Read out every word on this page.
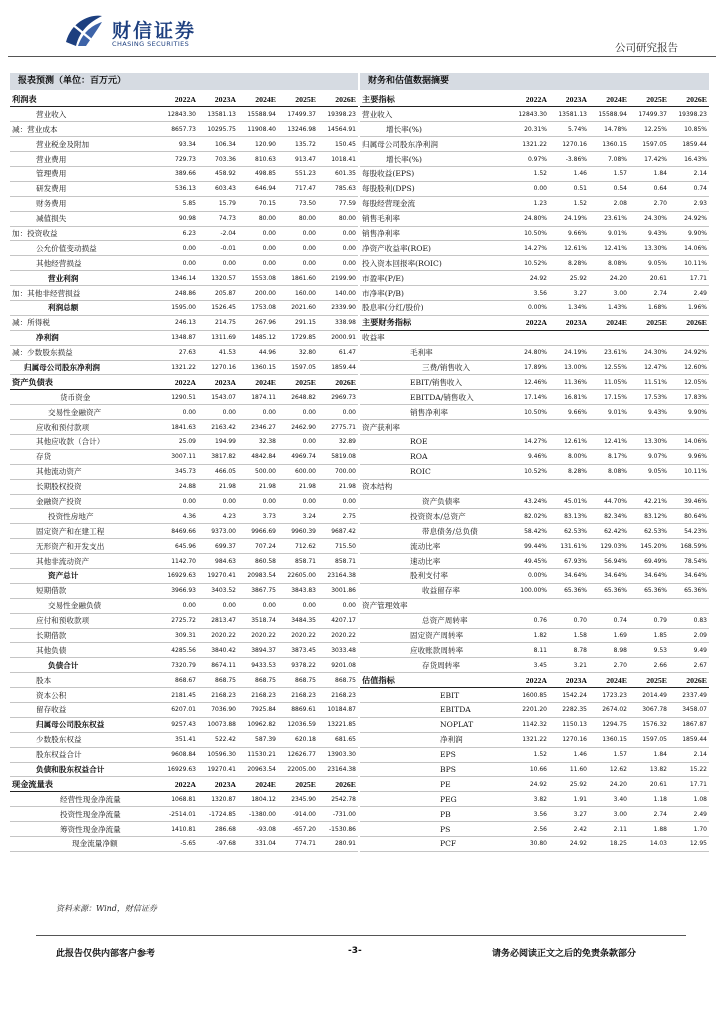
财信证券
CHASING SECURITIES	公司研究报告
报表预测（单位：百万元）	财务和估值数据摘要
利润表	2022A	2023A	2024E	2025E	2026E
营业收入	12843.30	13581.13	15588.94	17499.37	19398.23
减：营业成本	8657.73	10295.75	11908.40	13246.98	14564.91
营业税金及附加	93.34	106.34	120.90	135.72	150.45
营业费用	729.73	703.36	810.63	913.47	1018.41
管理费用	389.66	458.92	498.85	551.23	601.35
研发费用	536.13	603.43	646.94	717.47	785.63
财务费用	5.85	15.79	70.15	73.50	77.59
减值损失	90.98	74.73	80.00	80.00	80.00
加：投资收益	6.23	-2.04	0.00	0.00	0.00
公允价值变动损益	0.00	-0.01	0.00	0.00	0.00
其他经营损益	0.00	0.00	0.00	0.00	0.00
营业利润	1346.14	1320.57	1553.08	1861.60	2199.90
加：其他非经营损益	248.86	205.87	200.00	160.00	140.00
利润总额	1595.00	1526.45	1753.08	2021.60	2339.90
减：所得税	246.13	214.75	267.96	291.15	338.98
净利润	1348.87	1311.69	1485.12	1729.85	2000.91
减：少数股东损益	27.63	41.53	44.96	32.80	61.47
归属母公司股东净利润	1321.22	1270.16	1360.15	1597.05	1859.44
资产负债表	2022A	2023A	2024E	2025E	2026E
货币资金	1290.51	1543.07	1874.11	2648.82	2969.73
交易性金融资产	0.00	0.00	0.00	0.00	0.00
应收和预付款项	1841.63	2163.42	2346.27	2462.90	2775.71
其他应收款（合计）	25.09	194.99	32.38	0.00	32.89
存货	3007.11	3817.82	4842.84	4969.74	5819.08
其他流动资产	345.73	466.05	500.00	600.00	700.00
长期股权投资	24.88	21.98	21.98	21.98	21.98
金融资产投资	0.00	0.00	0.00	0.00	0.00
投资性房地产	4.36	4.23	3.73	3.24	2.75
固定资产和在建工程	8469.66	9373.00	9966.69	9960.39	9687.42
无形资产和开发支出	645.96	699.37	707.24	712.62	715.50
其他非流动资产	1142.70	984.63	860.58	858.71	858.71
资产总计	16929.63	19270.41	20983.54	22605.00	23164.38
短期借款	3966.93	3403.52	3867.75	3843.83	3001.86
交易性金融负债	0.00	0.00	0.00	0.00	0.00
应付和预收款项	2725.72	2813.47	3518.74	3484.35	4207.17
长期借款	309.31	2020.22	2020.22	2020.22	2020.22
其他负债	4285.56	3840.42	3894.37	3873.45	3033.48
负债合计	7320.79	8674.11	9433.53	9378.22	9201.08
股本	868.67	868.75	868.75	868.75	868.75
资本公积	2181.45	2168.23	2168.23	2168.23	2168.23
留存收益	6207.01	7036.90	7925.84	8869.61	10184.87
归属母公司股东权益	9257.43	10073.88	10962.82	12036.59	13221.85
少数股东权益	351.41	522.42	587.39	620.18	681.65
股东权益合计	9608.84	10596.30	11530.21	12626.77	13903.30
负债和股东权益合计	16929.63	19270.41	20963.54	22005.00	23164.38
现金流量表	2022A	2023A	2024E	2025E	2026E
经营性现金净流量	1068.81	1320.87	1804.12	2345.90	2542.78
投资性现金净流量	-2514.01	-1724.85	-1380.00	-914.00	-731.00
筹资性现金净流量	1410.81	286.68	-93.08	-657.20	-1530.86
现金流量净额	-5.65	-97.68	331.04	774.71	280.91
主要指标	2022A	2023A	2024E	2025E	2026E
营业收入	12843.30	13581.13	15588.94	17499.37	19398.23
增长率(%)	20.31%	5.74%	14.78%	12.25%	10.85%
归属母公司股东净利润	1321.22	1270.16	1360.15	1597.05	1859.44
增长率(%)	0.97%	-3.86%	7.08%	17.42%	16.43%
每股收益(EPS)	1.52	1.46	1.57	1.84	2.14
每股股利(DPS)	0.00	0.51	0.54	0.64	0.74
每股经营现金流	1.23	1.52	2.08	2.70	2.93
销售毛利率	24.80%	24.19%	23.61%	24.30%	24.92%
销售净利率	10.50%	9.66%	9.01%	9.43%	9.90%
净资产收益率(ROE)	14.27%	12.61%	12.41%	13.30%	14.06%
投入资本回报率(ROIC)	10.52%	8.28%	8.08%	9.05%	10.11%
市盈率(P/E)	24.92	25.92	24.20	20.61	17.71
市净率(P/B)	3.56	3.27	3.00	2.74	2.49
股息率(分红/股价)	0.00%	1.34%	1.43%	1.68%	1.96%
主要财务指标	2022A	2023A	2024E	2025E	2026E
收益率					
毛利率	24.80%	24.19%	23.61%	24.30%	24.92%
三费/销售收入	17.89%	13.00%	12.55%	12.47%	12.60%
EBIT/销售收入	12.46%	11.36%	11.05%	11.51%	12.05%
EBITDA/销售收入	17.14%	16.81%	17.15%	17.53%	17.83%
销售净利率	10.50%	9.66%	9.01%	9.43%	9.90%
资产获利率					
ROE	14.27%	12.61%	12.41%	13.30%	14.06%
ROA	9.46%	8.00%	8.17%	9.07%	9.96%
ROIC	10.52%	8.28%	8.08%	9.05%	10.11%
资本结构					
资产负债率	43.24%	45.01%	44.70%	42.21%	39.46%
投资资本/总资产	82.02%	83.13%	82.34%	83.12%	80.64%
带息债务/总负债	58.42%	62.53%	62.42%	62.53%	54.23%
流动比率	99.44%	131.61%	129.03%	145.20%	168.59%
速动比率	49.45%	67.93%	56.94%	69.49%	78.54%
股利支付率	0.00%	34.64%	34.64%	34.64%	34.64%
收益留存率	100.00%	65.36%	65.36%	65.36%	65.36%
资产管理效率					
总资产周转率	0.76	0.70	0.74	0.79	0.83
固定资产周转率	1.82	1.58	1.69	1.85	2.09
应收账款周转率	8.11	8.78	8.98	9.53	9.49
存货周转率	3.45	3.21	2.70	2.66	2.67
估值指标	2022A	2023A	2024E	2025E	2026E
EBIT	1600.85	1542.24	1723.23	2014.49	2337.49
EBITDA	2201.20	2282.35	2674.02	3067.78	3458.07
NOPLAT	1142.32	1150.13	1294.75	1576.32	1867.87
净利润	1321.22	1270.16	1360.15	1597.05	1859.44
EPS	1.52	1.46	1.57	1.84	2.14
BPS	10.66	11.60	12.62	13.82	15.22
PE	24.92	25.92	24.20	20.61	17.71
PEG	3.82	1.91	3.40	1.18	1.08
PB	3.56	3.27	3.00	2.74	2.49
PS	2.56	2.42	2.11	1.88	1.70
PCF	30.80	24.92	18.25	14.03	12.95
资料来源：Wind，财信证券
此报告仅供内部客户参考	-3-	请务必阅读正文之后的免责条款部分
